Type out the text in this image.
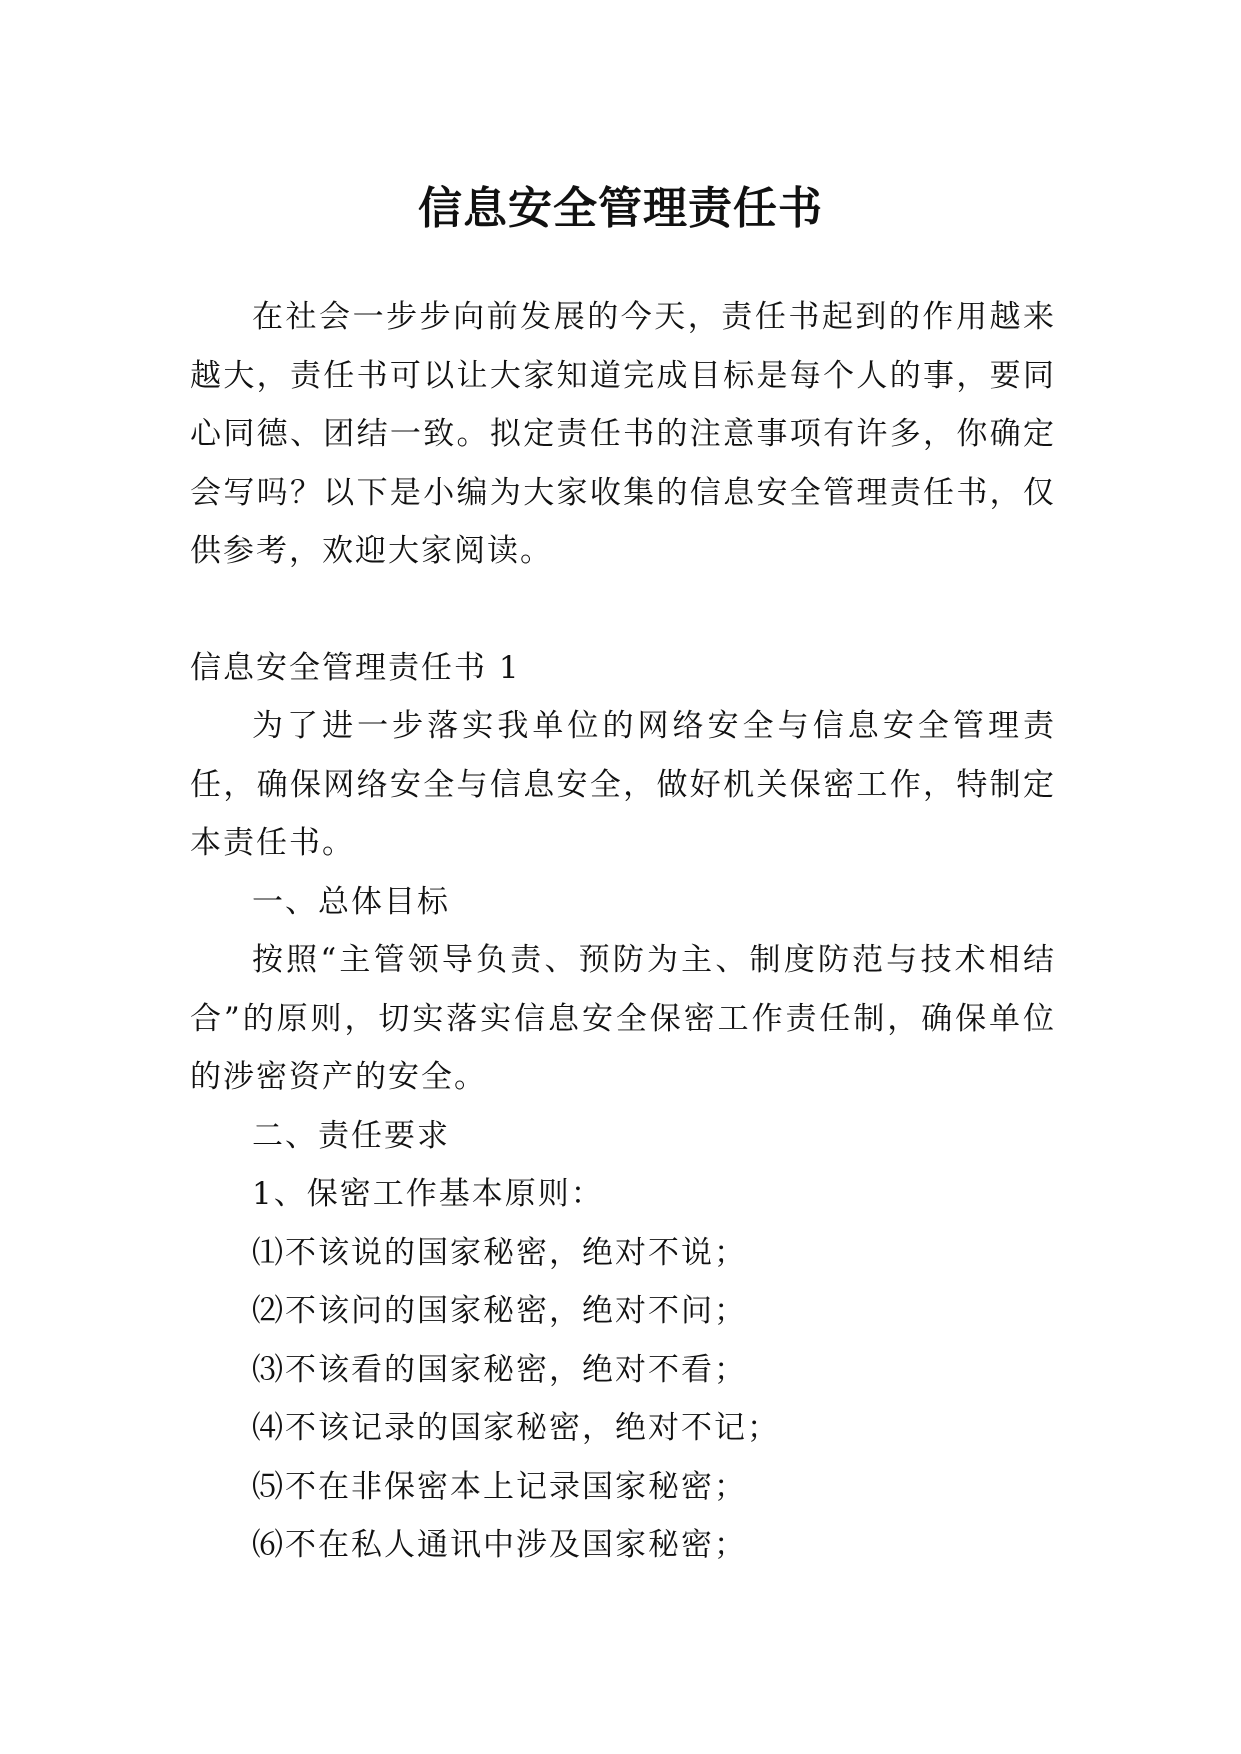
信息安全管理责任书

在社会一步步向前发展的今天，责任书起到的作用越来越大，责任书可以让大家知道完成目标是每个人的事，要同心同德、团结一致。拟定责任书的注意事项有许多，你确定会写吗？以下是小编为大家收集的信息安全管理责任书，仅供参考，欢迎大家阅读。

信息安全管理责任书 1

为了进一步落实我单位的网络安全与信息安全管理责任，确保网络安全与信息安全，做好机关保密工作，特制定本责任书。

一、总体目标

按照“主管领导负责、预防为主、制度防范与技术相结合”的原则，切实落实信息安全保密工作责任制，确保单位的涉密资产的安全。

二、责任要求

1、保密工作基本原则：

⑴不该说的国家秘密，绝对不说；

⑵不该问的国家秘密，绝对不问；

⑶不该看的国家秘密，绝对不看；

⑷不该记录的国家秘密，绝对不记；

⑸不在非保密本上记录国家秘密；

⑹不在私人通讯中涉及国家秘密；
